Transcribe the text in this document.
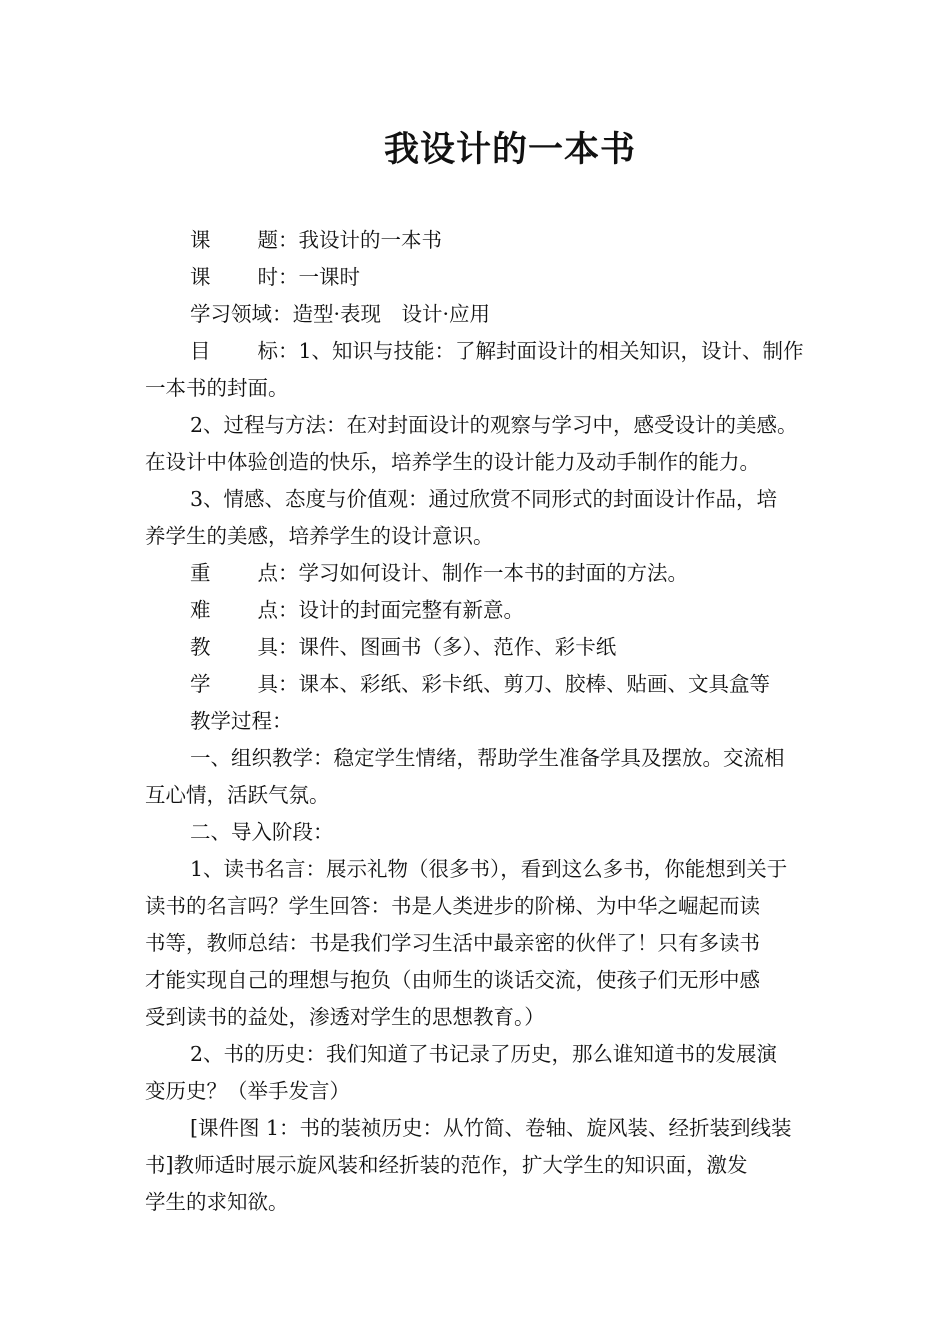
我设计的一本书
课题：我设计的一本书
课时：一课时
学习领域：造型·表现　设计·应用
目标：1、知识与技能：了解封面设计的相关知识，设计、制作
一本书的封面。
2、过程与方法：在对封面设计的观察与学习中，感受设计的美感。
在设计中体验创造的快乐，培养学生的设计能力及动手制作的能力。
3、情感、态度与价值观：通过欣赏不同形式的封面设计作品，培
养学生的美感，培养学生的设计意识。
重点：学习如何设计、制作一本书的封面的方法。
难点：设计的封面完整有新意。
教具：课件、图画书（多）、范作、彩卡纸
学具：课本、彩纸、彩卡纸、剪刀、胶棒、贴画、文具盒等
教学过程：
一、组织教学：稳定学生情绪，帮助学生准备学具及摆放。交流相
互心情，活跃气氛。
二、导入阶段：
1、读书名言：展示礼物（很多书），看到这么多书，你能想到关于
读书的名言吗？学生回答：书是人类进步的阶梯、为中华之崛起而读
书等，教师总结：书是我们学习生活中最亲密的伙伴了！只有多读书
才能实现自己的理想与抱负（由师生的谈话交流，使孩子们无形中感
受到读书的益处，渗透对学生的思想教育。）
2、书的历史：我们知道了书记录了历史，那么谁知道书的发展演
变历史？（举手发言）
[课件图 1：书的装祯历史：从竹简、卷轴、旋风装、经折装到线装
书]教师适时展示旋风装和经折装的范作，扩大学生的知识面，激发
学生的求知欲。
